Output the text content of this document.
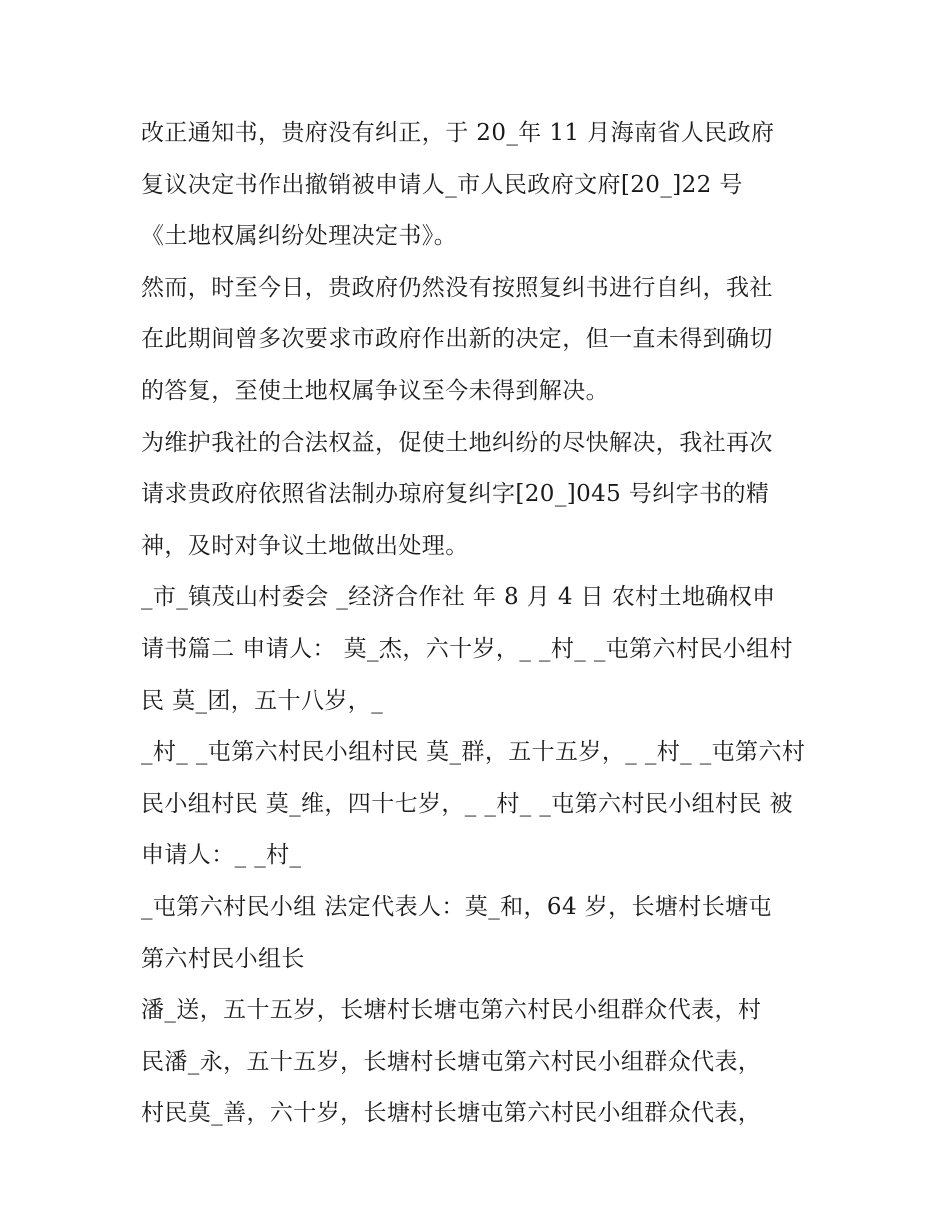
改正通知书，贵府没有纠正，于 20_年 11 月海南省人民政府
复议决定书作出撤销被申请人_市人民政府文府[20_]22 号
《土地权属纠纷处理决定书》。
然而，时至今日，贵政府仍然没有按照复纠书进行自纠，我社
在此期间曾多次要求市政府作出新的决定，但一直未得到确切
的答复，至使土地权属争议至今未得到解决。
为维护我社的合法权益，促使土地纠纷的尽快解决，我社再次
请求贵政府依照省法制办琼府复纠字[20_]045 号纠字书的精
神，及时对争议土地做出处理。
_市_镇茂山村委会 _经济合作社 年 8 月 4 日 农村土地确权申
请书篇二 申请人： 莫_杰，六十岁，_ _村_ _屯第六村民小组村
民 莫_团，五十八岁，_
_村_ _屯第六村民小组村民 莫_群，五十五岁，_ _村_ _屯第六村
民小组村民 莫_维，四十七岁，_ _村_ _屯第六村民小组村民 被
申请人：_ _村_
_屯第六村民小组 法定代表人：莫_和，64 岁，长塘村长塘屯
第六村民小组长
潘_送，五十五岁，长塘村长塘屯第六村民小组群众代表，村
民潘_永，五十五岁，长塘村长塘屯第六村民小组群众代表，
村民莫_善，六十岁，长塘村长塘屯第六村民小组群众代表，
